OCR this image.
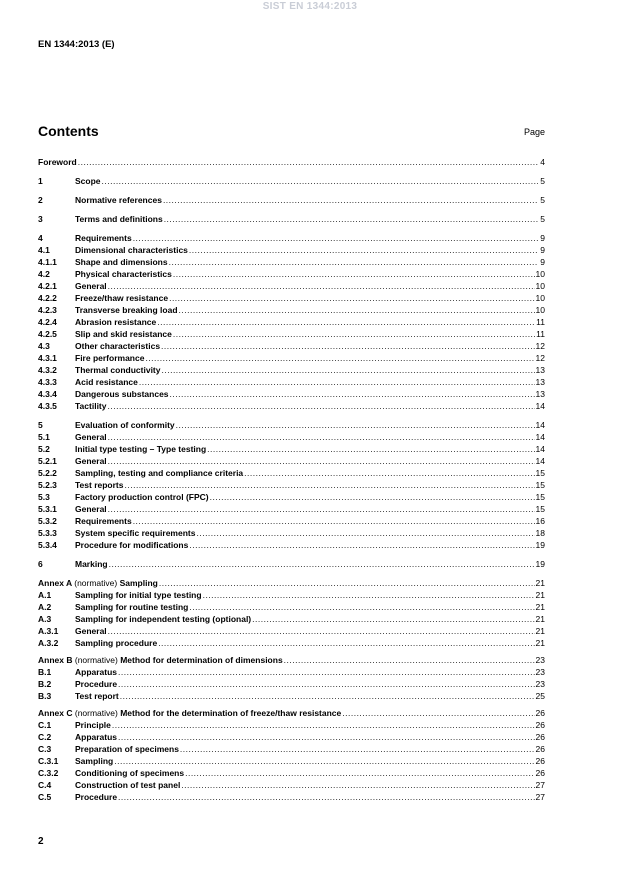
SIST EN 1344:2013
EN 1344:2013 (E)
Contents	Page
Foreword .....	4
1	Scope .....	5
2	Normative references .....	5
3	Terms and definitions .....	5
4	Requirements .....	9
4.1	Dimensional characteristics .....	9
4.1.1	Shape and dimensions .....	9
4.2	Physical characteristics .....	10
4.2.1	General .....	10
4.2.2	Freeze/thaw resistance .....	10
4.2.3	Transverse breaking load .....	10
4.2.4	Abrasion resistance .....	11
4.2.5	Slip and skid resistance .....	11
4.3	Other characteristics .....	12
4.3.1	Fire performance .....	12
4.3.2	Thermal conductivity .....	13
4.3.3	Acid resistance .....	13
4.3.4	Dangerous substances .....	13
4.3.5	Tactility .....	14
5	Evaluation of conformity .....	14
5.1	General .....	14
5.2	Initial type testing – Type testing .....	14
5.2.1	General .....	14
5.2.2	Sampling, testing and compliance criteria .....	15
5.2.3	Test reports .....	15
5.3	Factory production control (FPC) .....	15
5.3.1	General .....	15
5.3.2	Requirements .....	16
5.3.3	System specific requirements .....	18
5.3.4	Procedure for modifications .....	19
6	Marking .....	19
Annex A (normative) Sampling .....	21
A.1	Sampling for initial type testing .....	21
A.2	Sampling for routine testing .....	21
A.3	Sampling for independent testing (optional) .....	21
A.3.1	General .....	21
A.3.2	Sampling procedure .....	21
Annex B (normative) Method for determination of dimensions .....	23
B.1	Apparatus .....	23
B.2	Procedure .....	23
B.3	Test report .....	25
Annex C (normative) Method for the determination of freeze/thaw resistance .....	26
C.1	Principle .....	26
C.2	Apparatus .....	26
C.3	Preparation of specimens .....	26
C.3.1	Sampling .....	26
C.3.2	Conditioning of specimens .....	26
C.4	Construction of test panel .....	27
C.5	Procedure .....	27
2
